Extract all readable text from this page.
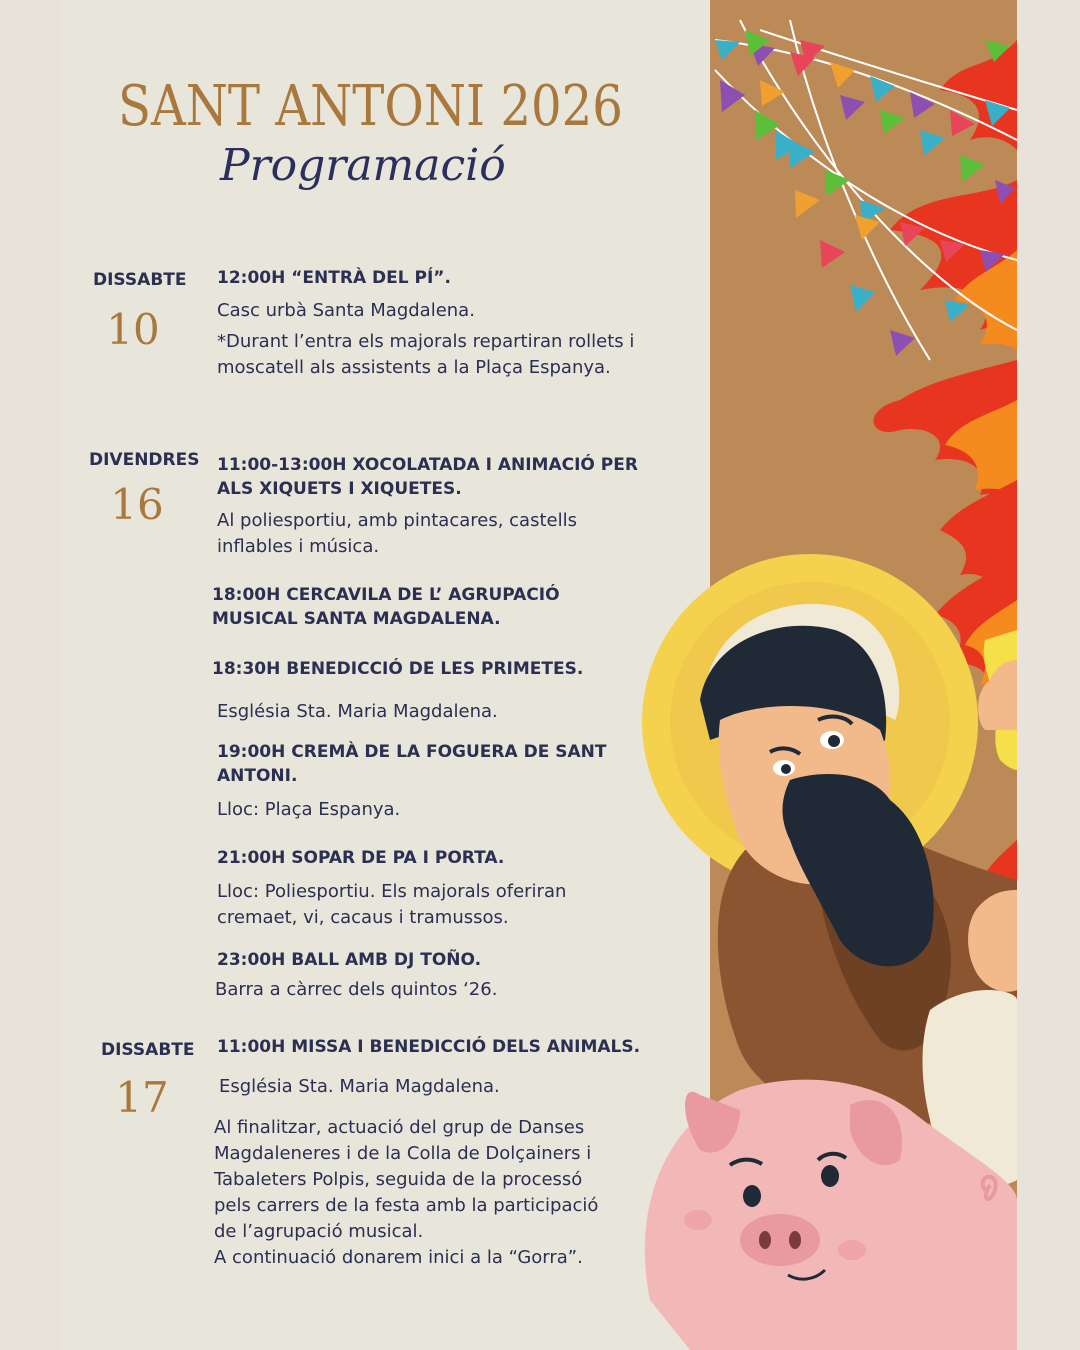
SANT ANTONI 2026
Programació
DISSABTE
10
12:00H “ENTRÀ DEL PÍ”.
Casc urbà Santa Magdalena.
*Durant l’entra els majorals repartiran rollets i
moscatell als assistents a la Plaça Espanya.
DIVENDRES
16
11:00-13:00H XOCOLATADA I ANIMACIÓ PER ALS XIQUETS I XIQUETES.
Al poliesportiu, amb pintacares, castells
inflables i música.
18:00H CERCAVILA DE L’ AGRUPACIÓ MUSICAL SANTA MAGDALENA.
18:30H BENEDICCIÓ DE LES PRIMETES.
Església Sta. Maria Magdalena.
19:00H CREMÀ DE LA FOGUERA DE SANT ANTONI.
Lloc: Plaça Espanya.
21:00H SOPAR DE PA I PORTA.
Lloc: Poliesportiu. Els majorals oferiran
cremaet, vi, cacaus i tramussos.
23:00H BALL AMB DJ TOÑO.
Barra a càrrec dels quintos ‘26.
DISSABTE
17
11:00H MISSA I BENEDICCIÓ DELS ANIMALS.
Església Sta. Maria Magdalena.
Al finalitzar, actuació del grup de Danses
Magdaleneres i de la Colla de Dolçainers i
Tabaleters Polpis, seguida de la processó
pels carrers de la festa amb la participació
de l’agrupació musical.
A continuació donarem inici a la “Gorra”.
